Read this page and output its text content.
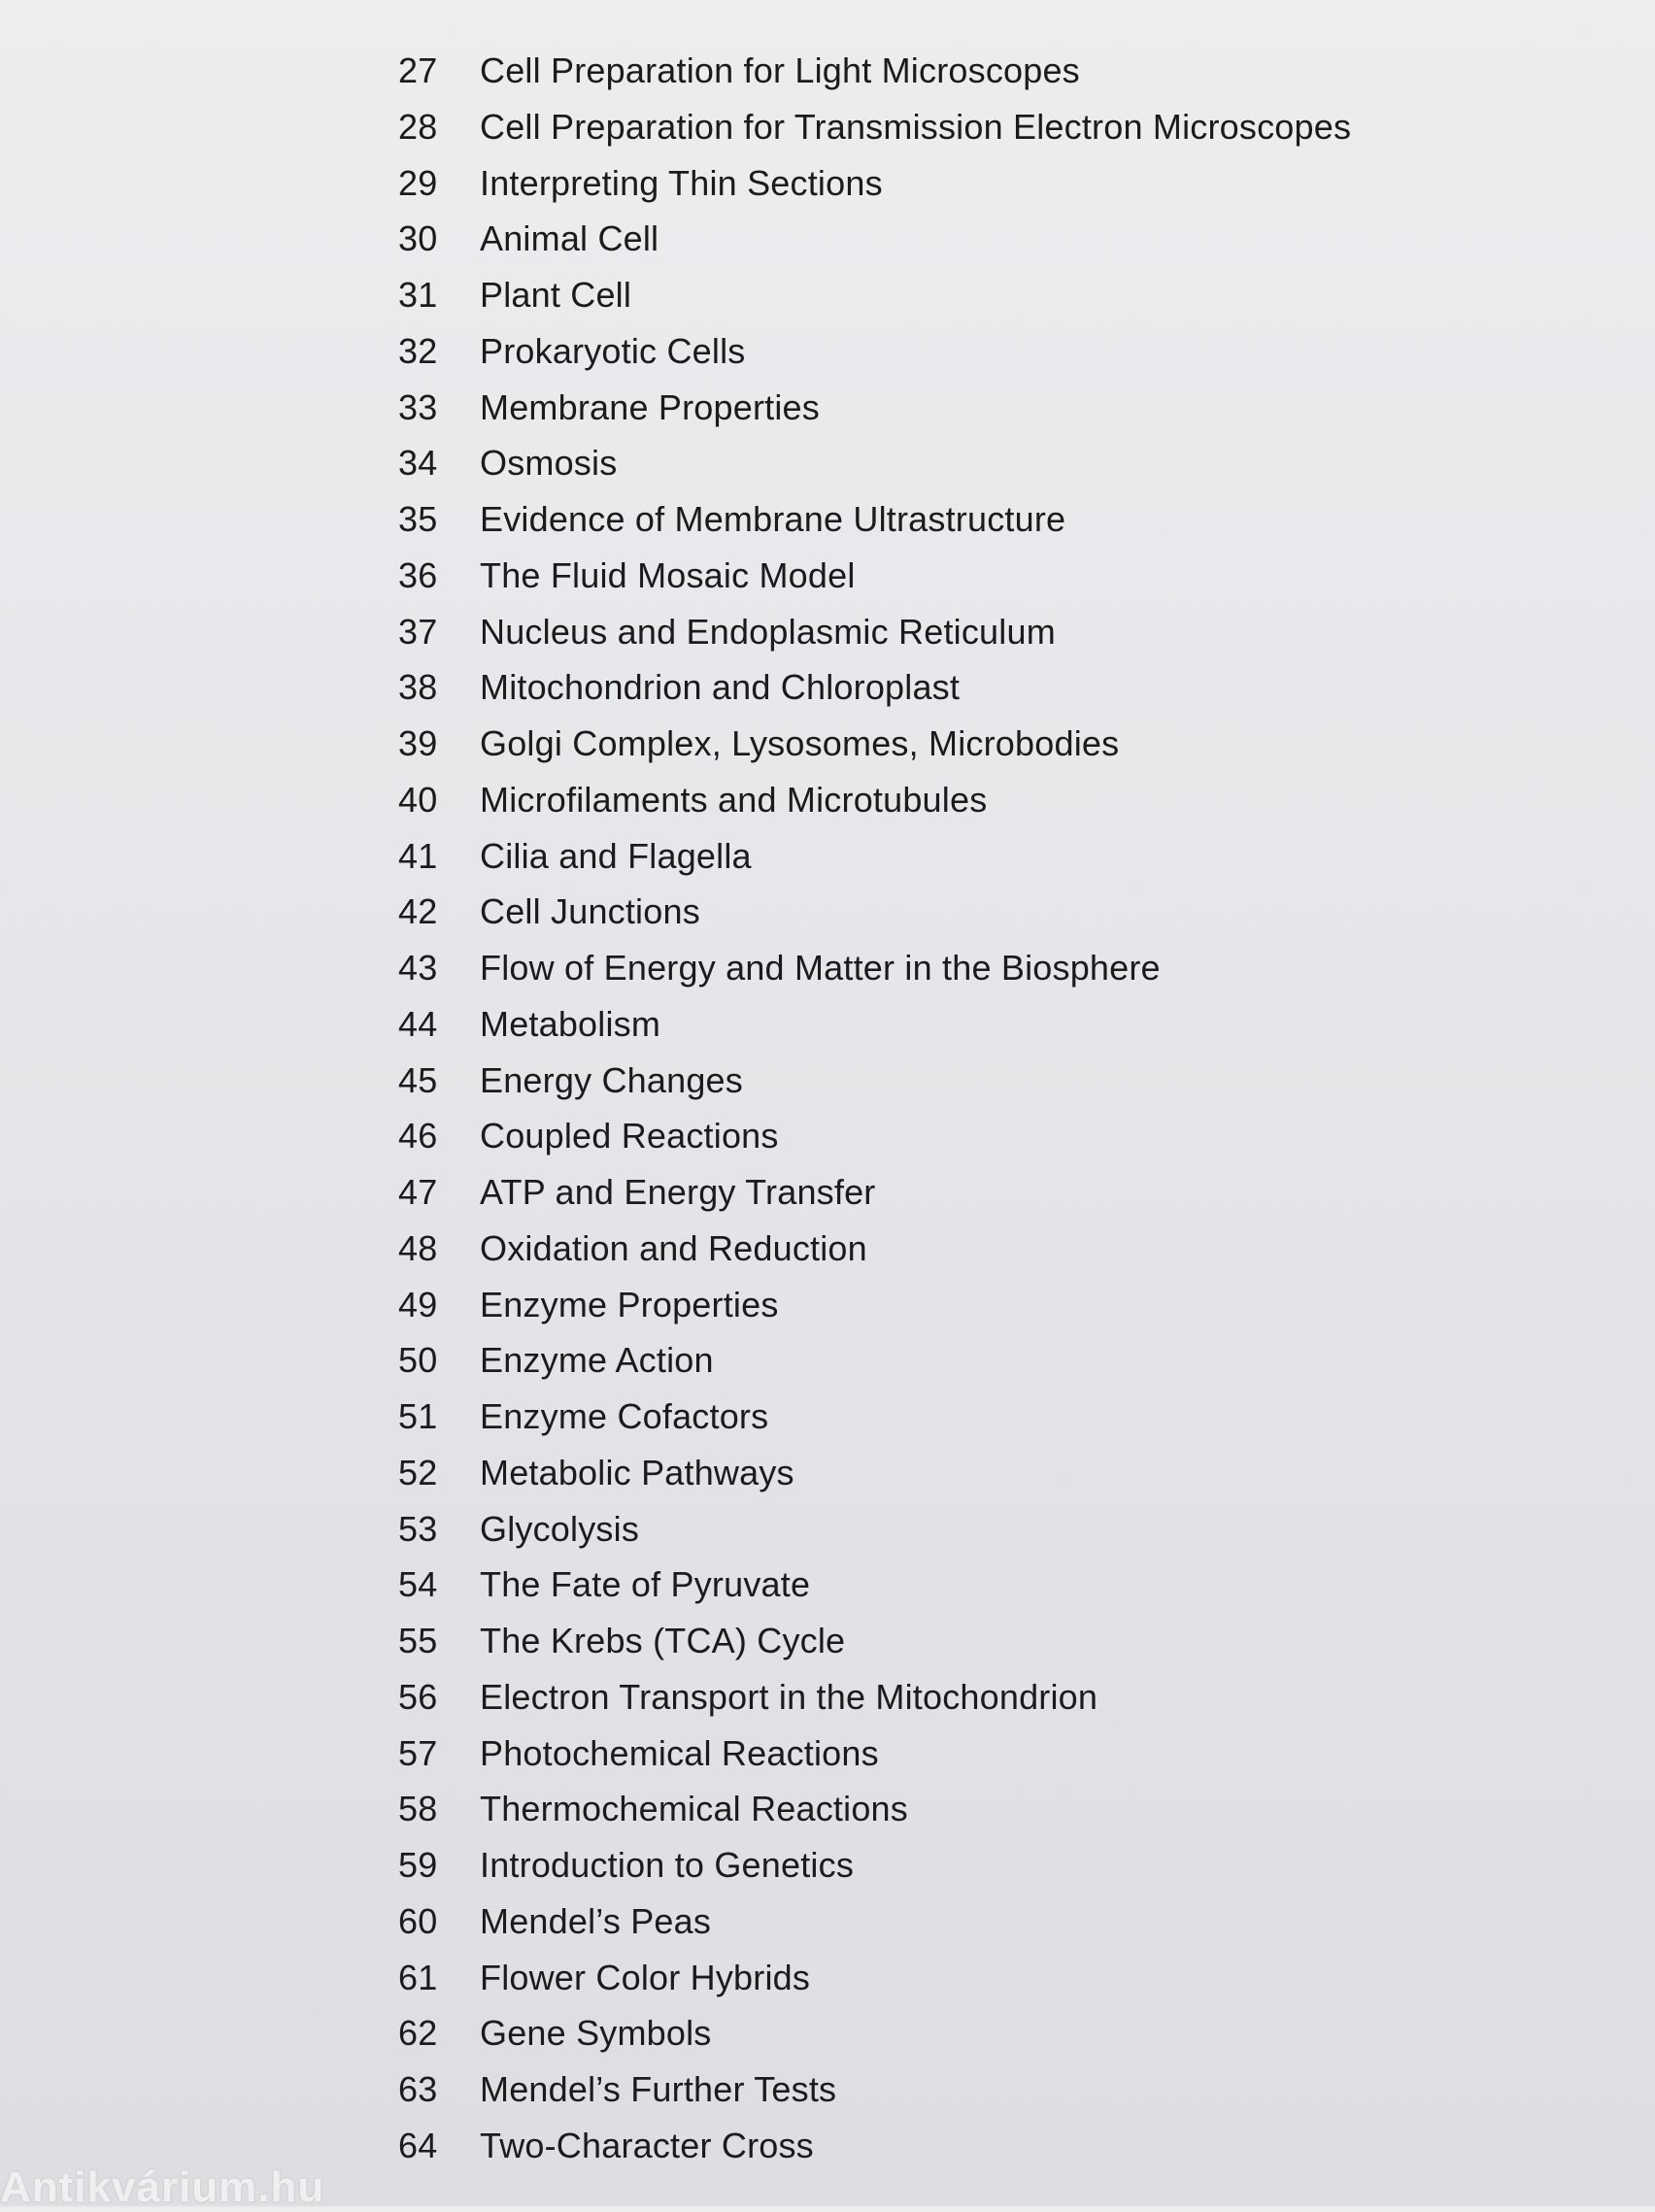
27	Cell Preparation for Light Microscopes
28	Cell Preparation for Transmission Electron Microscopes
29	Interpreting Thin Sections
30	Animal Cell
31	Plant Cell
32	Prokaryotic Cells
33	Membrane Properties
34	Osmosis
35	Evidence of Membrane Ultrastructure
36	The Fluid Mosaic Model
37	Nucleus and Endoplasmic Reticulum
38	Mitochondrion and Chloroplast
39	Golgi Complex, Lysosomes, Microbodies
40	Microfilaments and Microtubules
41	Cilia and Flagella
42	Cell Junctions
43	Flow of Energy and Matter in the Biosphere
44	Metabolism
45	Energy Changes
46	Coupled Reactions
47	ATP and Energy Transfer
48	Oxidation and Reduction
49	Enzyme Properties
50	Enzyme Action
51	Enzyme Cofactors
52	Metabolic Pathways
53	Glycolysis
54	The Fate of Pyruvate
55	The Krebs (TCA) Cycle
56	Electron Transport in the Mitochondrion
57	Photochemical Reactions
58	Thermochemical Reactions
59	Introduction to Genetics
60	Mendel’s Peas
61	Flower Color Hybrids
62	Gene Symbols
63	Mendel’s Further Tests
64	Two-Character Cross
Antikvárium.hu
